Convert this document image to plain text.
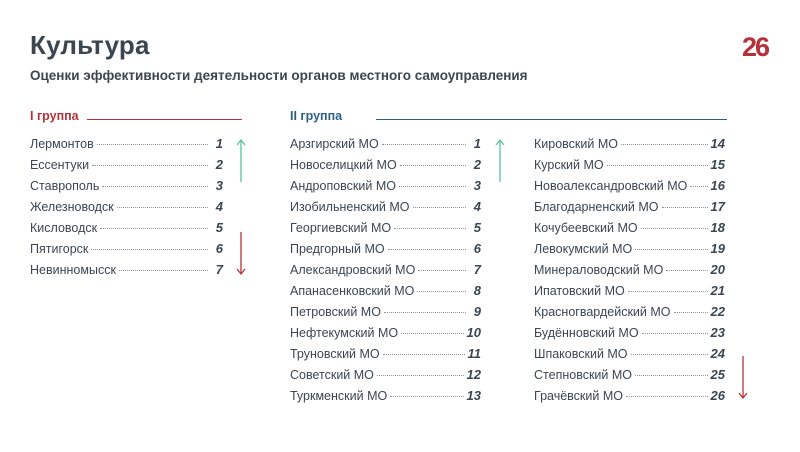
Культура
Оценки эффективности деятельности органов местного самоуправления
26
I группа	II группа
Лермонтов	1
Ессентуки	2
Ставрополь	3
Железноводск	4
Кисловодск	5
Пятигорск	6
Невинномысск	7
Арзгирский МО	1
Новоселицкий МО	2
Андроповский МО	3
Изобильненский МО	4
Георгиевский МО	5
Предгорный МО	6
Александровский МО	7
Апанасенковский МО	8
Петровский МО	9
Нефтекумский МО	10
Труновский МО	11
Советский МО	12
Туркменский МО	13
Кировский МО	14
Курский МО	15
Новоалександровский МО 16
Благодарненский МО	17
Кочубеевский МО	18
Левокумский МО	19
Минераловодский МО	20
Ипатовский МО	21
Красногвардейский МО	22
Будённовский МО	23
Шпаковский МО	24
Степновский МО	25
Грачёвский МО	26
